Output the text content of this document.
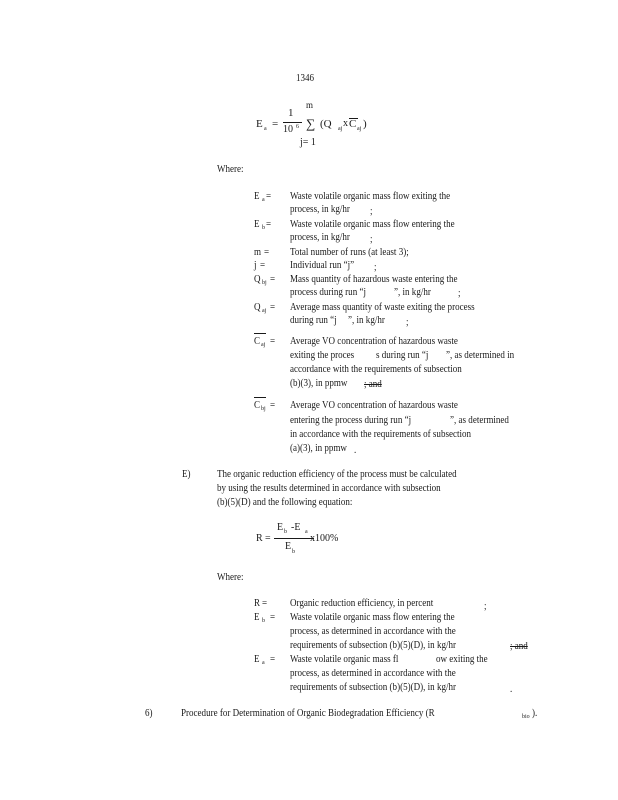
1346
m
E a =
1
10 6 ∑ (Q aj x C aj )
j= 1
Where:
E a = Waste volatile organic mass flow exiting the
process, in kg/hr ;
E b = Waste volatile organic mass flow entering the
process, in kg/hr ;
m = Total number of runs (at least 3);
j = Individual run “j” ;
Q bj = Mass quantity of hazardous waste entering the
process during run “j	”, in kg/hr	;
Q aj = Average mass quantity of waste exiting the process
during run “j ”, in kg/hr ;
C aj = Average VO concentration of hazardous waste
exiting the proces s during run “j ”, as determined in
accordance with the requirements of subsection
(b)(3), in ppmw ; and
C bj = Average VO concentration of hazardous waste
entering the process during run “j	”, as determined
in accordance with the requirements of subsection
(a)(3), in ppmw .
E)	The organic reduction efficiency of the process must be calculated
by using the results determined in accordance with subsection
(b)(5)(D) and the following equation:
R =
E b -E a
E b
x100%
Where:
R = Organic reduction efficiency, in percent	;
E b = Waste volatile organic mass flow entering the
process, as determined in accordance with the
requirements of subsection (b)(5)(D), in kg/hr	; and
E a = Waste volatile organic mass fl	ow exiting the
process, as determined in accordance with the
requirements of subsection (b)(5)(D), in kg/hr	.
6)	Procedure for Determination of Organic Biodegradation Efficiency (R	bio ).
